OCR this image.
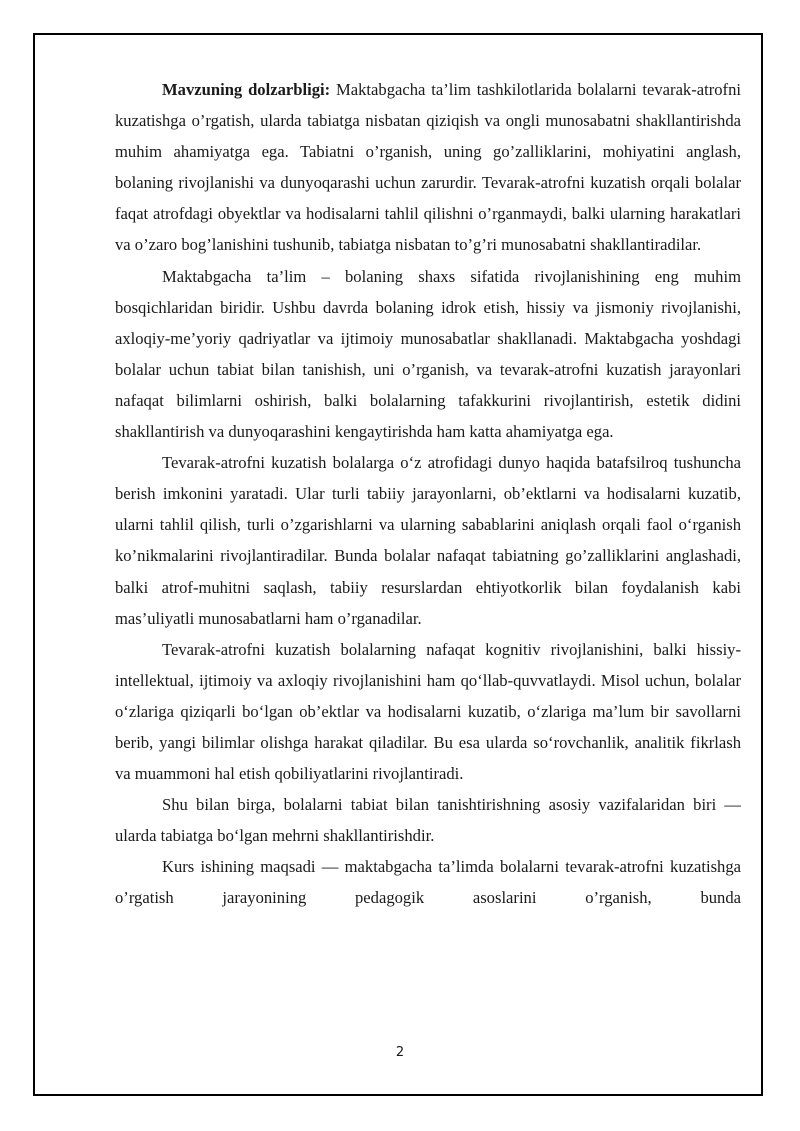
Mavzuning dolzarbligi: Maktabgacha ta’lim tashkilotlarida bolalarni tevarak-atrofni kuzatishga o’rgatish, ularda tabiatga nisbatan qiziqish va ongli munosabatni shakllantirishda muhim ahamiyatga ega. Tabiatni o’rganish, uning go’zalliklarini, mohiyatini anglash, bolaning rivojlanishi va dunyoqarashi uchun zarurdir. Tevarak-atrofni kuzatish orqali bolalar faqat atrofdagi obyektlar va hodisalarni tahlil qilishni o’rganmaydi, balki ularning harakatlari va o’zaro bog’lanishini tushunib, tabiatga nisbatan to’g’ri munosabatni shakllantiradilar.

Maktabgacha ta’lim – bolaning shaxs sifatida rivojlanishining eng muhim bosqichlaridan biridir. Ushbu davrda bolaning idrok etish, hissiy va jismoniy rivojlanishi, axloqiy-me’yoriy qadriyatlar va ijtimoiy munosabatlar shakllanadi. Maktabgacha yoshdagi bolalar uchun tabiat bilan tanishish, uni o’rganish, va tevarak-atrofni kuzatish jarayonlari nafaqat bilimlarni oshirish, balki bolalarning tafakkurini rivojlantirish, estetik didini shakllantirish va dunyoqarashini kengaytirishda ham katta ahamiyatga ega.

Tevarak-atrofni kuzatish bolalarga o‘z atrofidagi dunyo haqida batafsilroq tushuncha berish imkonini yaratadi. Ular turli tabiiy jarayonlarni, ob’ektlarni va hodisalarni kuzatib, ularni tahlil qilish, turli o’zgarishlarni va ularning sabablarini aniqlash orqali faol o‘rganish ko’nikmalarini rivojlantiradilar. Bunda bolalar nafaqat tabiatning go’zalliklarini anglashadi, balki atrof-muhitni saqlash, tabiiy resurslardan ehtiyotkorlik bilan foydalanish kabi mas’uliyatli munosabatlarni ham o’rganadilar.

Tevarak-atrofni kuzatish bolalarning nafaqat kognitiv rivojlanishini, balki hissiy-intellektual, ijtimoiy va axloqiy rivojlanishini ham qo‘llab-quvvatlaydi. Misol uchun, bolalar o‘zlariga qiziqarli bo‘lgan ob’ektlar va hodisalarni kuzatib, o‘zlariga ma’lum bir savollarni berib, yangi bilimlar olishga harakat qiladilar. Bu esa ularda so‘rovchanlik, analitik fikrlash va muammoni hal etish qobiliyatlarini rivojlantiradi.

Shu bilan birga, bolalarni tabiat bilan tanishtirishning asosiy vazifalaridan biri — ularda tabiatga bo‘lgan mehrni shakllantirishdir.

Kurs ishining maqsadi — maktabgacha ta’limda bolalarni tevarak-atrofni kuzatishga o’rgatish jarayonining pedagogik asoslarini o’rganish, bunda

2
